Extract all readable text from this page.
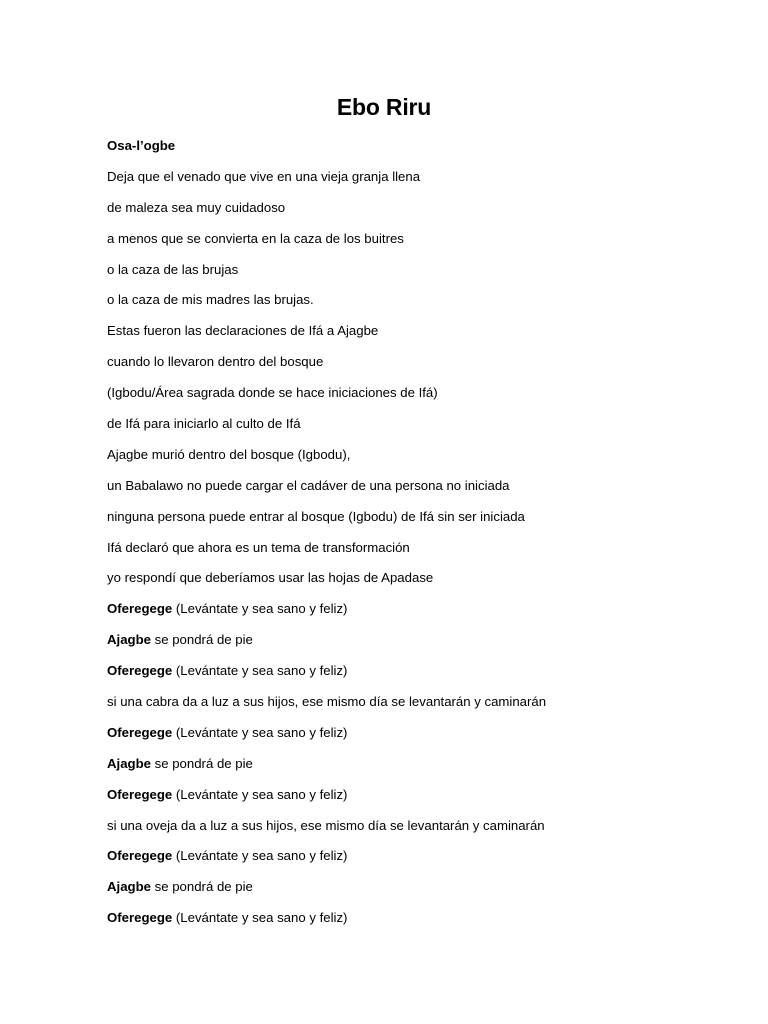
Ebo Riru
Osa-l’ogbe
Deja que el venado que vive en una vieja granja llena
de maleza sea muy cuidadoso
a menos que se convierta en la caza de los buitres
o la caza de las brujas
o la caza de mis madres las brujas.
Estas fueron las declaraciones de Ifá a Ajagbe
cuando lo llevaron dentro del bosque
(Igbodu/Área sagrada donde se hace iniciaciones de Ifá)
de Ifá para iniciarlo al culto de Ifá
Ajagbe murió dentro del bosque (Igbodu),
un Babalawo no puede cargar el cadáver de una persona no iniciada
ninguna persona puede entrar al bosque (Igbodu) de Ifá sin ser iniciada
Ifá declaró que ahora es un tema de transformación
yo respondí que deberíamos usar las hojas de Apadase
Oferegege (Levántate y sea sano y feliz)
Ajagbe se pondrá de pie
Oferegege (Levántate y sea sano y feliz)
si una cabra da a luz a sus hijos, ese mismo día se levantarán y caminarán
Oferegege (Levántate y sea sano y feliz)
Ajagbe se pondrá de pie
Oferegege (Levántate y sea sano y feliz)
si una oveja da a luz a sus hijos, ese mismo día se levantarán y caminarán
Oferegege (Levántate y sea sano y feliz)
Ajagbe se pondrá de pie
Oferegege (Levántate y sea sano y feliz)
